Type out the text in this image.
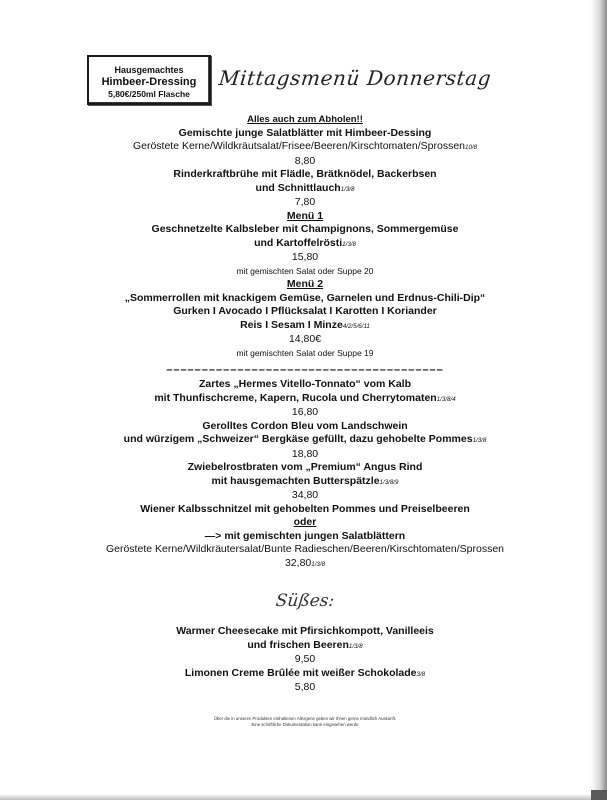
Hausgemachtes
Himbeer-Dressing
5,80€/250ml Flasche
Mittagsmenü Donnerstag
Alles auch zum Abholen!!
Gemischte junge Salatblätter mit Himbeer-Dessing
Geröstete Kerne/Wildkräutsalat/Frisee/Beeren/Kirschtomaten/Sprossen10/8
8,80
Rinderkraftbrühe mit Flädle, Brätknödel, Backerbsen
und Schnittlauch1/3/8
7,80
Menü 1
Geschnetzelte Kalbsleber mit Champignons, Sommergemüse
und Kartoffelrösti1/3/8
15,80
mit gemischten Salat oder Suppe 20
Menü 2
„Sommerrollen mit knackigem Gemüse, Garnelen und Erdnus-Chili-Dip“
Gurken I Avocado I Pflücksalat I Karotten I Koriander
Reis I Sesam I Minze4/2/5/6/11
14,80€
mit gemischten Salat oder Suppe 19
–––––––––––––––––––––––––––––––––––––––
Zartes „Hermes Vitello-Tonnato“ vom Kalb
mit Thunfischcreme, Kapern, Rucola und Cherrytomaten1/3/8/4
16,80
Gerolltes Cordon Bleu vom Landschwein
und würzigem „Schweizer“ Bergkäse gefüllt, dazu gehobelte Pommes1/3/8
18,80
Zwiebelrostbraten vom „Premium“ Angus Rind
mit hausgemachten Butterspätzle1/3/8/9
34,80
Wiener Kalbsschnitzel mit gehobelten Pommes und Preiselbeeren
oder
—> mit gemischten jungen Salatblättern
Geröstete Kerne/Wildkräutersalat/Bunte Radieschen/Beeren/Kirschtomaten/Sprossen
32,801/3/8
Süßes:
Warmer Cheesecake mit Pfirsichkompott, Vanilleeis
und frischen Beeren1/3/8
9,50
Limonen Creme Brûlée mit weißer Schokolade3/8
5,80
Über die in unseren Produkten enthaltenen Allergene geben wir Ihnen gerne mündlich Auskunft.
Eine schriftliche Dokumentation kann eingesehen werde
